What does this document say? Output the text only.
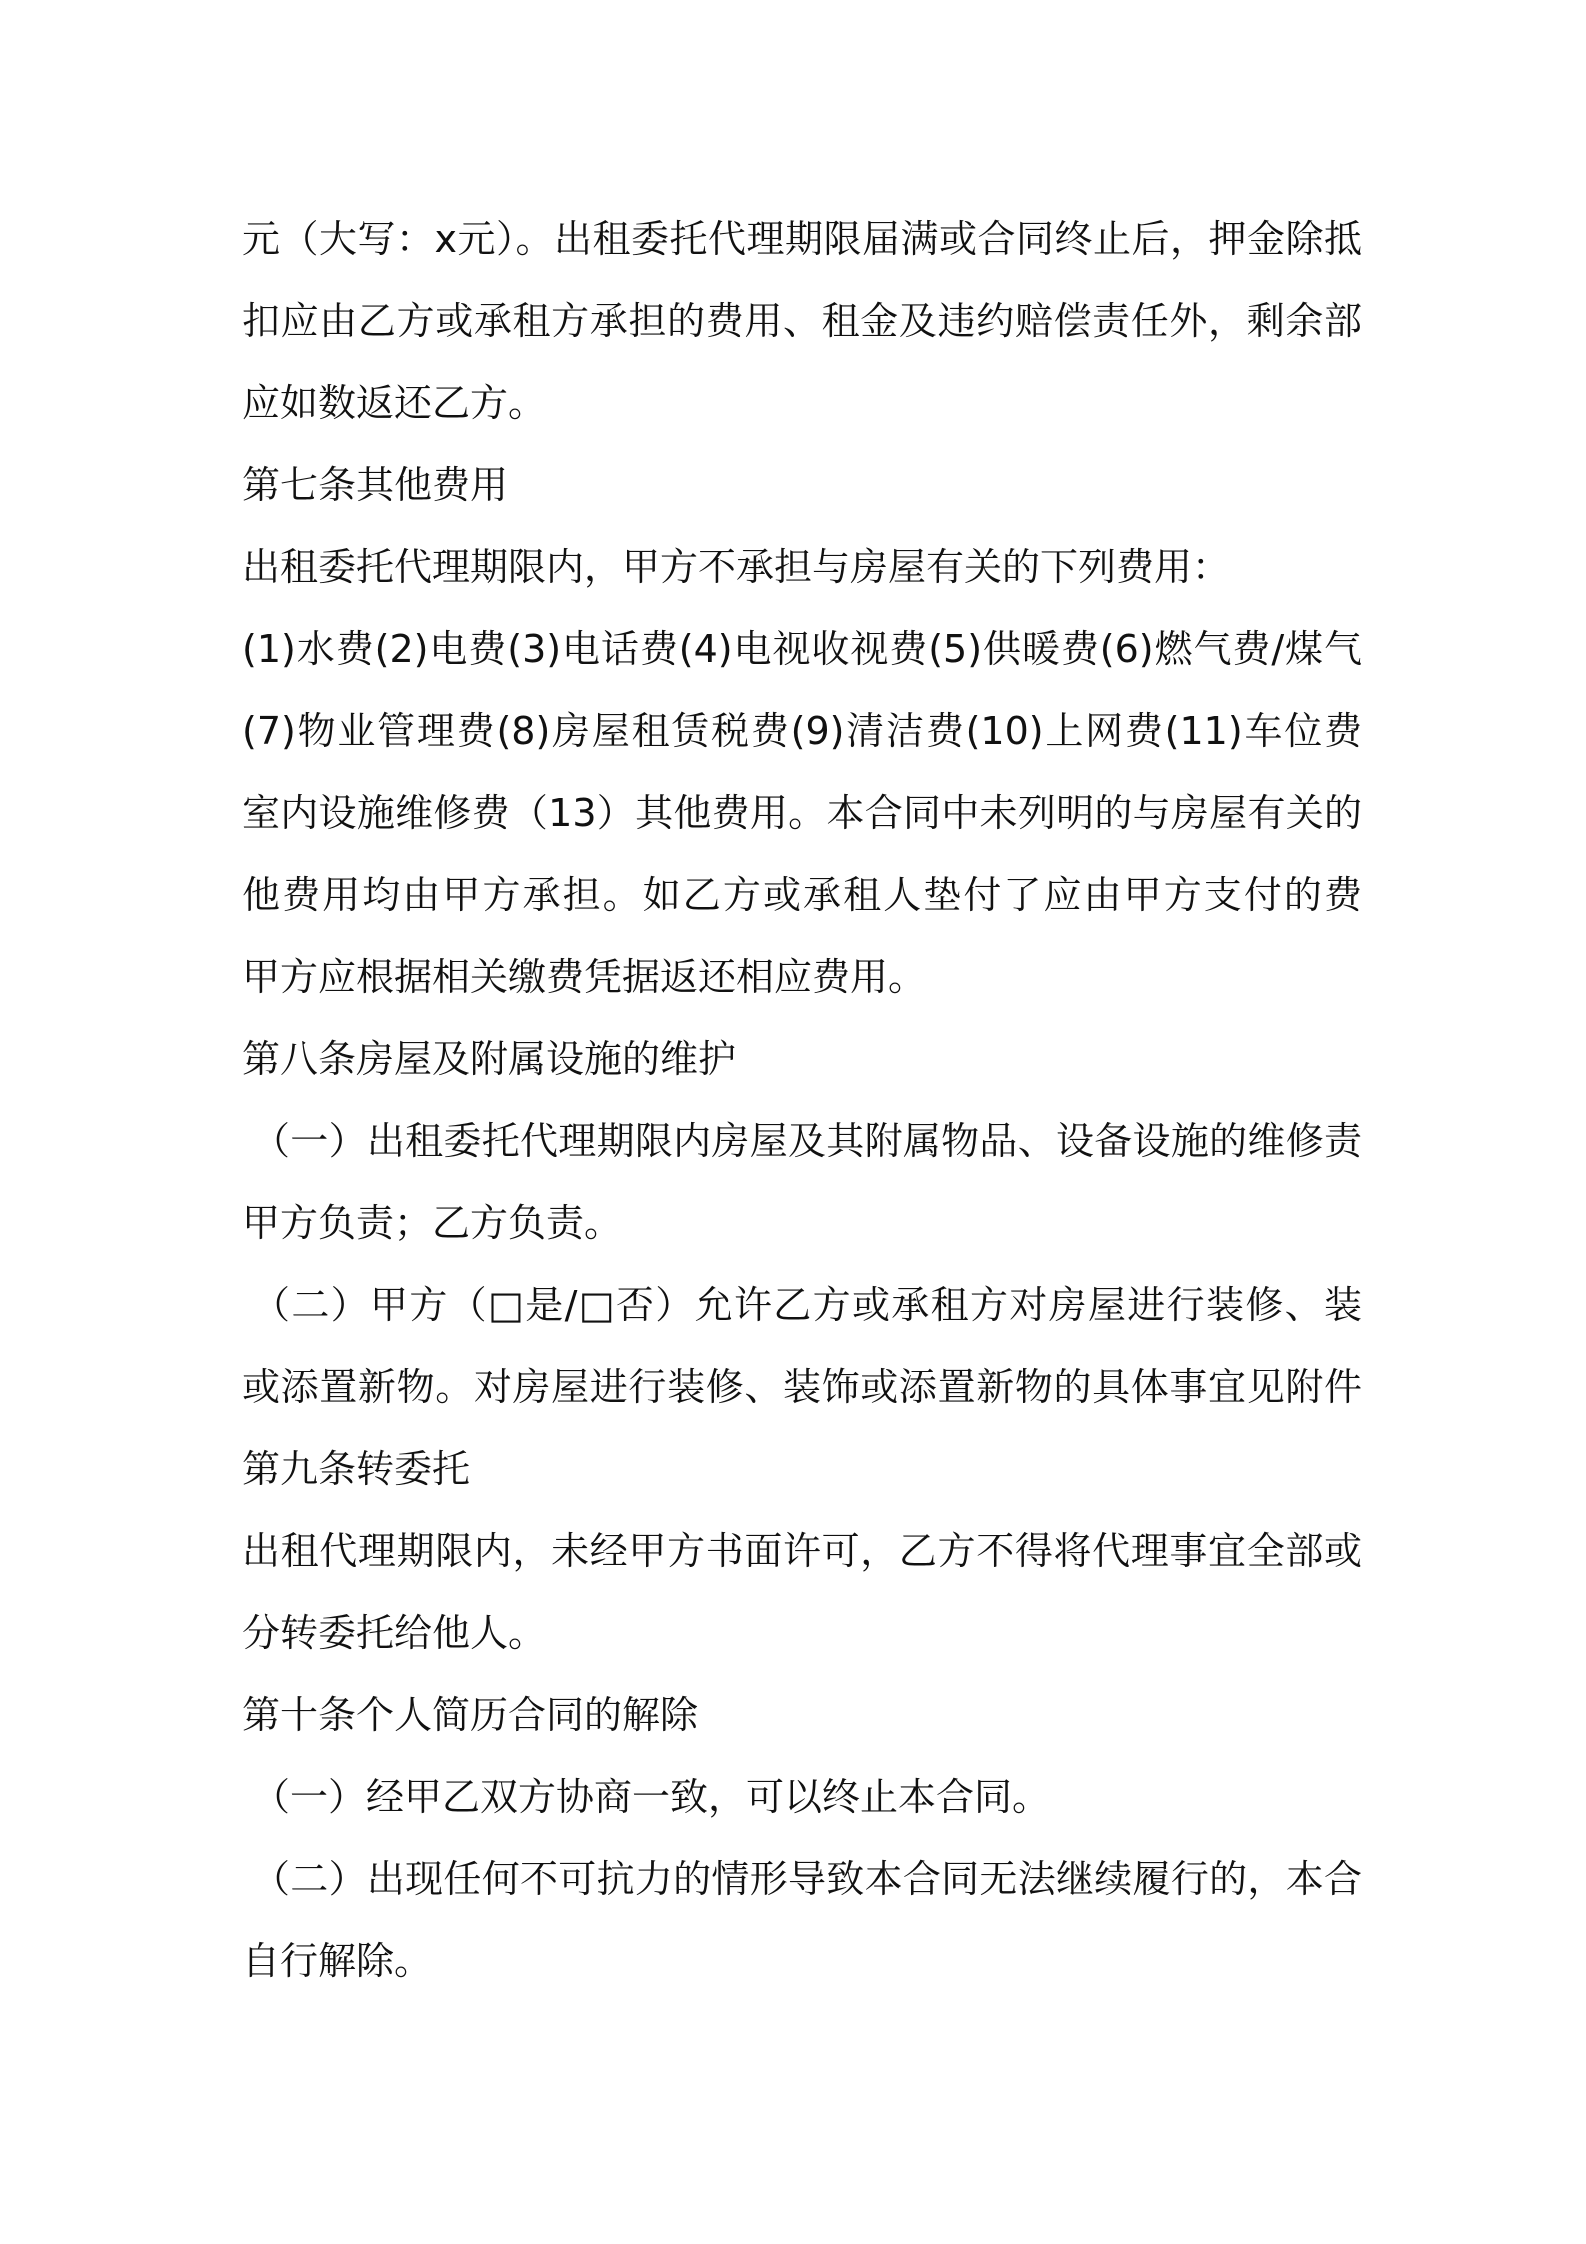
元（大写：x元）。出租委托代理期限届满或合同终止后，押金除抵
扣应由乙方或承租方承担的费用、租金及违约赔偿责任外，剩余部
应如数返还乙方。
第七条其他费用
出租委托代理期限内，甲方不承担与房屋有关的下列费用：
(1)水费(2)电费(3)电话费(4)电视收视费(5)供暖费(6)燃气费/煤气
(7)物业管理费(8)房屋租赁税费(9)清洁费(10)上网费(11)车位费
室内设施维修费（13）其他费用。本合同中未列明的与房屋有关的
他费用均由甲方承担。如乙方或承租人垫付了应由甲方支付的费
甲方应根据相关缴费凭据返还相应费用。
第八条房屋及附属设施的维护
（一）出租委托代理期限内房屋及其附属物品、设备设施的维修责
甲方负责；乙方负责。
（二）甲方（□是/□否）允许乙方或承租方对房屋进行装修、装
或添置新物。对房屋进行装修、装饰或添置新物的具体事宜见附件
第九条转委托
出租代理期限内，未经甲方书面许可，乙方不得将代理事宜全部或
分转委托给他人。
第十条个人简历合同的解除
（一）经甲乙双方协商一致，可以终止本合同。
（二）出现任何不可抗力的情形导致本合同无法继续履行的，本合
自行解除。
